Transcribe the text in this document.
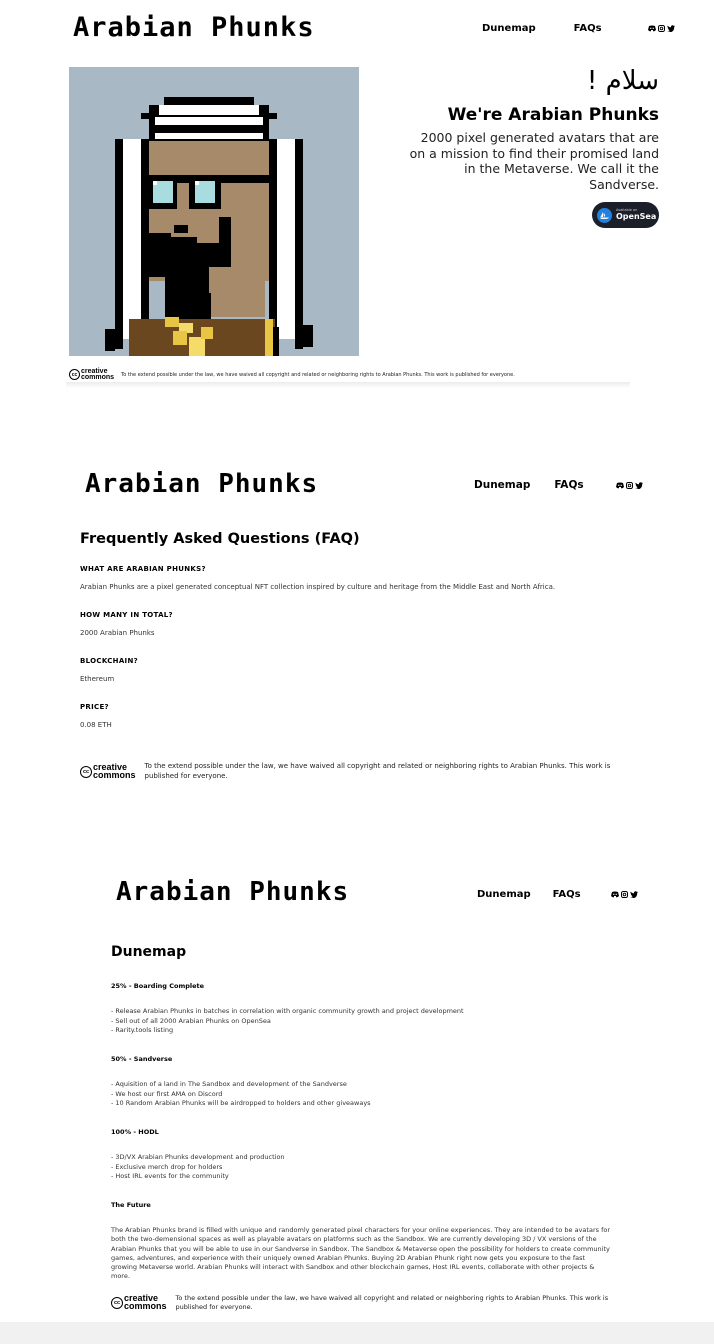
Arabian Phunks	Dunemap	FAQs
سلام !
We're Arabian Phunks
2000 pixel generated avatars that are on a mission to find their promised land in the Metaverse. We call it the Sandverse.
Available on
OpenSea
cc creative
commons To the extend possible under the law, we have waived all copyright and related or neighboring rights to Arabian Phunks. This work is published for everyone.
Arabian Phunks	Dunemap FAQs
Frequently Asked Questions (FAQ)
WHAT ARE ARABIAN PHUNKS?
Arabian Phunks are a pixel generated conceptual NFT collection inspired by culture and heritage from the Middle East and North Africa.
HOW MANY IN TOTAL?
2000 Arabian Phunks
BLOCKCHAIN?
Ethereum
PRICE?
0.08 ETH
cc creative
commons
To the extend possible under the law, we have waived all copyright and related or neighboring rights to Arabian Phunks. This work is published for everyone.
Arabian Phunks	Dunemap FAQs
Dunemap
25% - Boarding Complete
- Release Arabian Phunks in batches in correlation with organic community growth and project development
- Sell out of all 2000 Arabian Phunks on OpenSea
- Rarity.tools listing
50% - Sandverse
- Aquisition of a land in The Sandbox and development of the Sandverse
- We host our first AMA on Discord
- 10 Random Arabian Phunks will be airdropped to holders and other giveaways
100% - HODL
- 3D/VX Arabian Phunks development and production
- Exclusive merch drop for holders
- Host IRL events for the community
The Future
The Arabian Phunks brand is filled with unique and randomly generated pixel characters for your online experiences. They are intended to be avatars for both the two-demensional spaces as well as playable avatars on platforms such as the Sandbox. We are currently developing 3D / VX versions of the Arabian Phunks that you will be able to use in our Sandverse in Sandbox. The Sandbox & Metaverse open the possibility for holders to create community games, adventures, and experience with their uniquely owned Arabian Phunks. Buying 2D Arabian Phunk right now gets you exposure to the fast growing Metaverse world. Arabian Phunks will interact with Sandbox and other blockchain games, Host IRL events, collaborate with other projects & more.
cc creative
commons
To the extend possible under the law, we have waived all copyright and related or neighboring rights to Arabian Phunks. This work is published for everyone.
